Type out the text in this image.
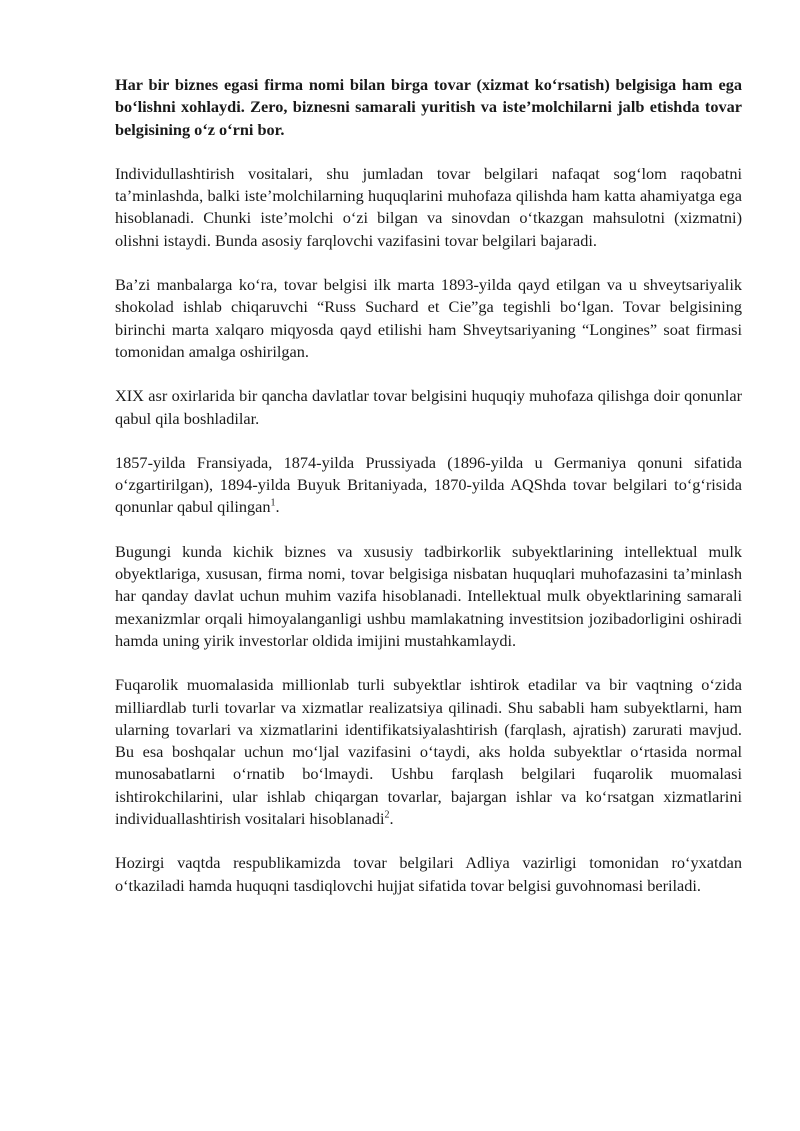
Har bir biznes egasi firma nomi bilan birga tovar (xizmat ko‘rsatish) belgisiga ham ega bo‘lishni xohlaydi. Zero, biznesni samarali yuritish va iste’molchilarni jalb etishda tovar belgisining o‘z o‘rni bor.

Individullashtirish vositalari, shu jumladan tovar belgilari nafaqat sog‘lom raqobatni ta’minlashda, balki iste’molchilarning huquqlarini muhofaza qilishda ham katta ahamiyatga ega hisoblanadi. Chunki iste’molchi o‘zi bilgan va sinovdan o‘tkazgan mahsulotni (xizmatni) olishni istaydi. Bunda asosiy farqlovchi vazifasini tovar belgilari bajaradi.

Ba’zi manbalarga ko‘ra, tovar belgisi ilk marta 1893-yilda qayd etilgan va u shveytsariyalik
shokolad ishlab chiqaruvchi “Russ Suchard et Cie”ga tegishli bo‘lgan. Tovar belgisining birinchi marta xalqaro miqyosda qayd etilishi ham Shveytsariyaning “Longines” soat firmasi tomonidan amalga oshirilgan.

XIX asr oxirlarida bir qancha davlatlar tovar belgisini huquqiy muhofaza qilishga doir qonunlar qabul qila boshladilar.

1857-yilda Fransiyada, 1874-yilda Prussiyada (1896-yilda u Germaniya qonuni sifatida o‘zgartirilgan), 1894-yilda Buyuk Britaniyada, 1870-yilda AQShda tovar belgilari to‘g‘risida qonunlar qabul qilingan$^1$.

Bugungi kunda kichik biznes va xususiy tadbirkorlik subyektlarining intellektual mulk obyektlariga, xususan, firma nomi, tovar belgisiga nisbatan huquqlari muhofazasini ta’minlash har qanday davlat uchun muhim vazifa hisoblanadi. Intellektual mulk obyektlarining samarali mexanizmlar orqali himoyalanganligi ushbu mamlakatning investitsion jozibadorligini oshiradi hamda uning yirik investorlar oldida imijini mustahkamlaydi.

Fuqarolik muomalasida millionlab turli subyektlar ishtirok etadilar va bir vaqtning o‘zida milliardlab turli tovarlar va xizmatlar realizatsiya qilinadi. Shu sababli ham subyektlarni, ham ularning tovarlari va xizmatlarini identifikatsiyalashtirish (farqlash, ajratish) zarurati mavjud. Bu esa boshqalar uchun mo‘ljal vazifasini o‘taydi, aks holda subyektlar o‘rtasida normal munosabatlarni o‘rnatib bo‘lmaydi. Ushbu farqlash belgilari fuqarolik muomalasi ishtirokchilarini, ular ishlab chiqargan tovarlar, bajargan ishlar va ko‘rsatgan xizmatlarini individuallashtirish vositalari hisoblanadi$^2$.

Hozirgi vaqtda respublikamizda tovar belgilari Adliya vazirligi tomonidan ro‘yxatdan o‘tkaziladi hamda huquqni tasdiqlovchi hujjat sifatida tovar belgisi guvohnomasi beriladi.
